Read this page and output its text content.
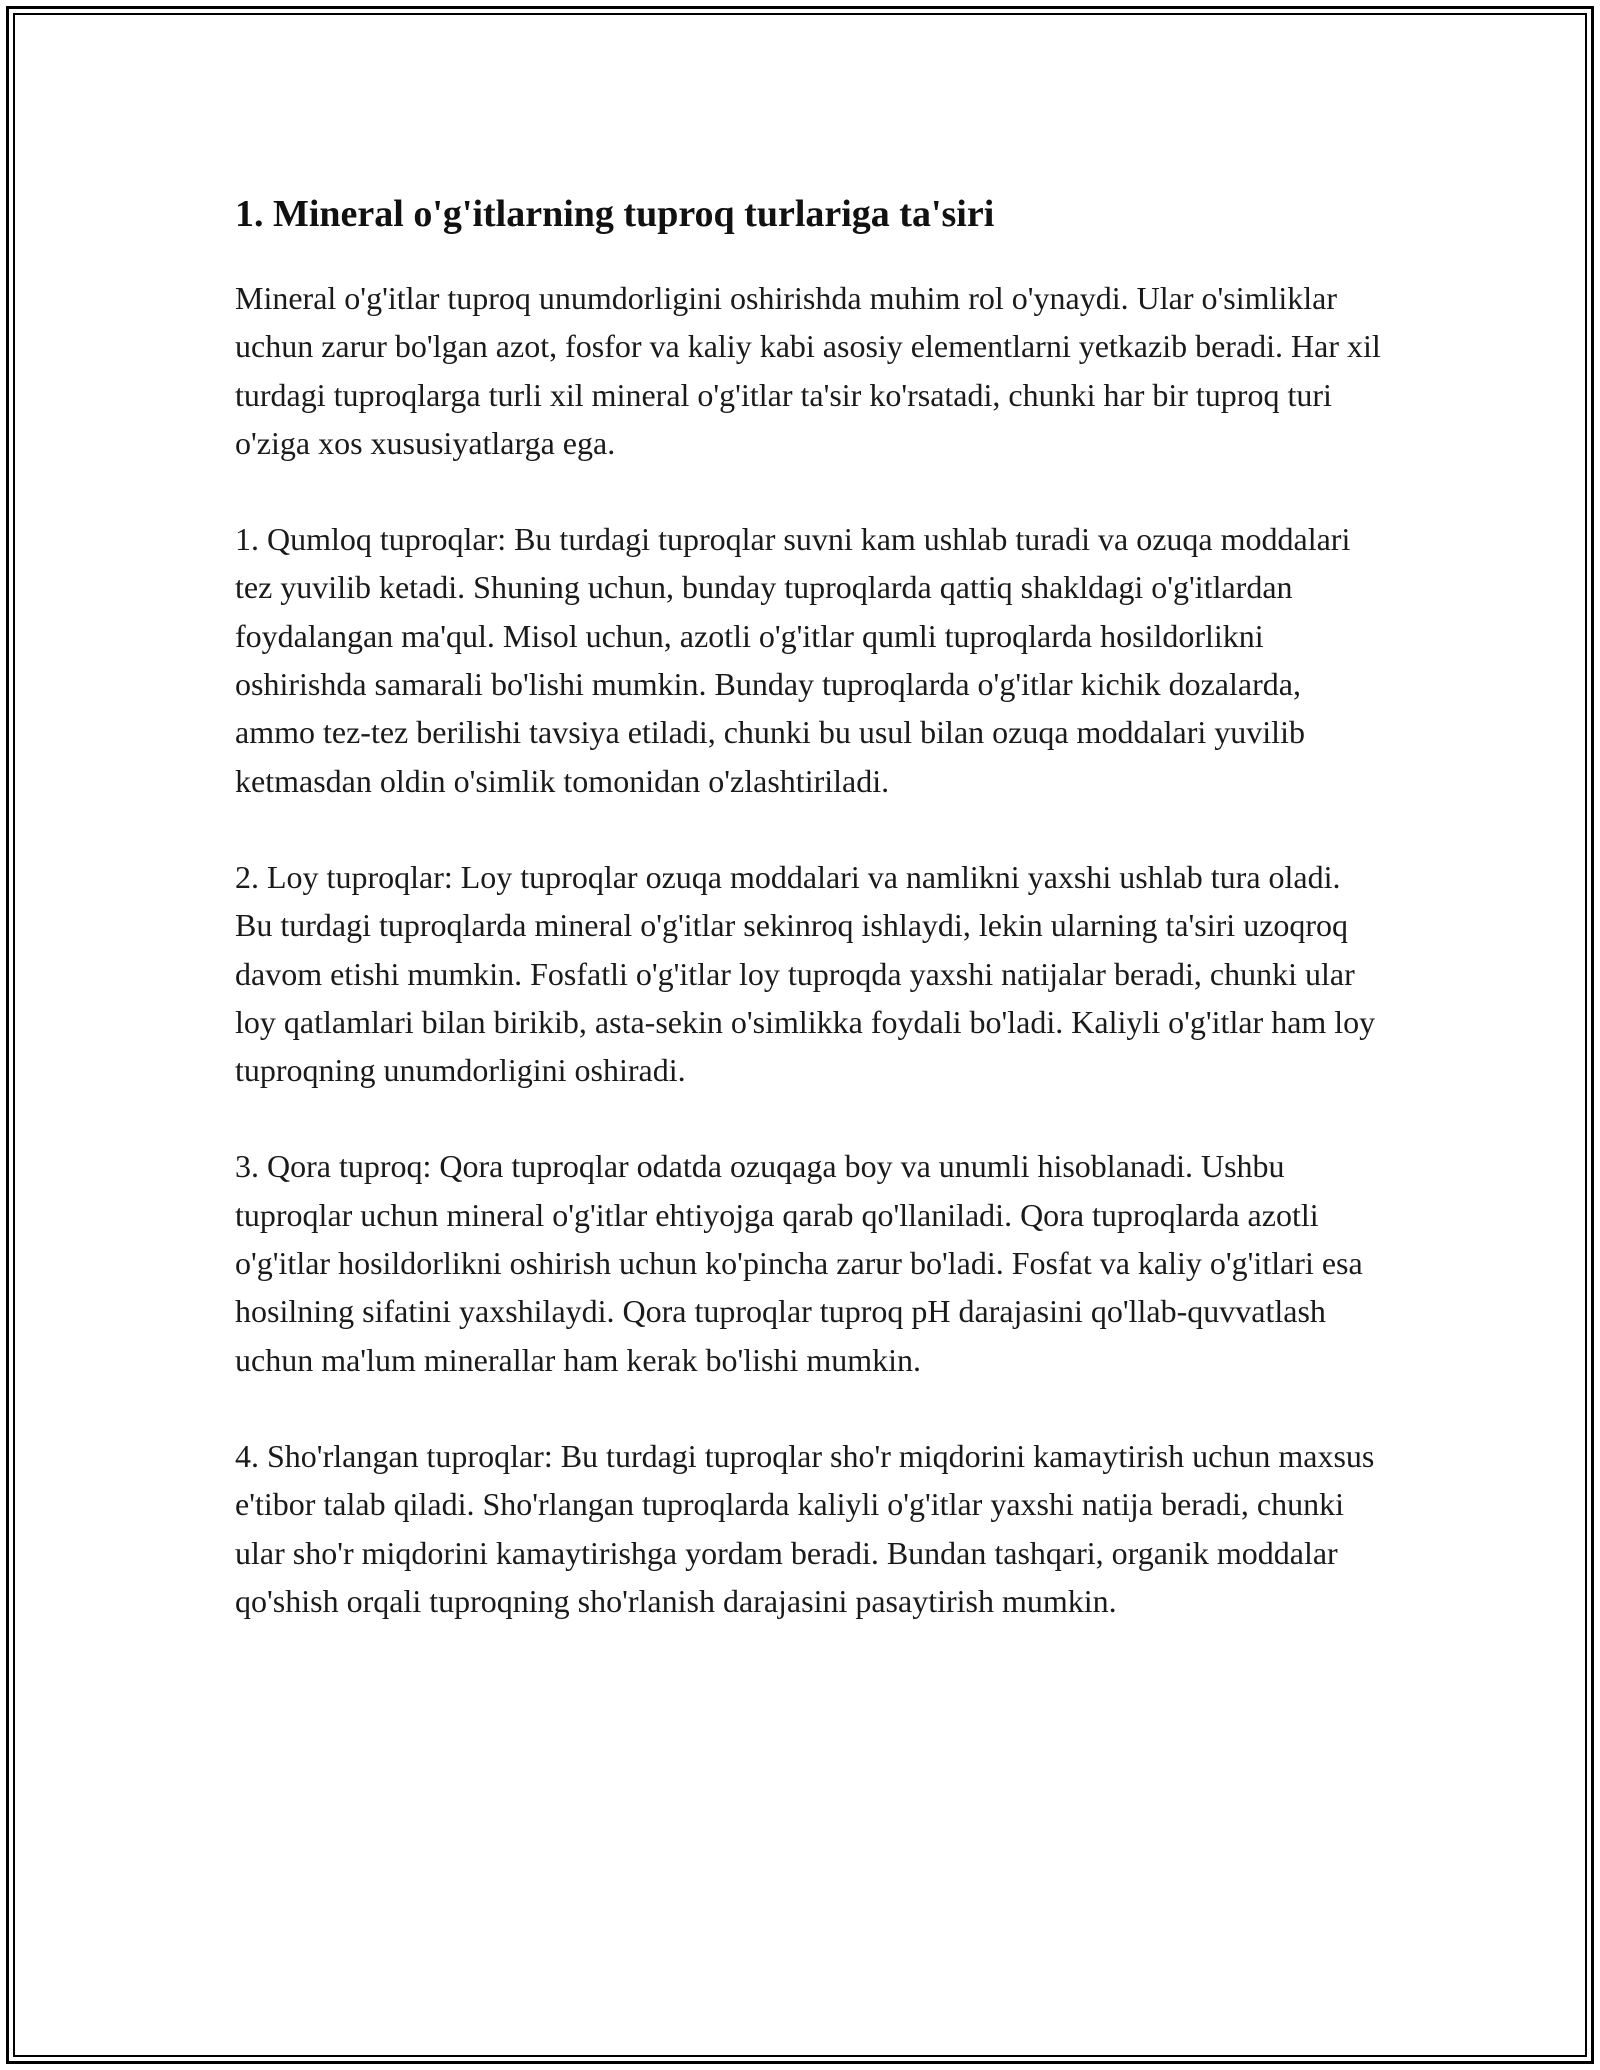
1. Mineral o'g'itlarning tuproq turlariga ta'siri

Mineral o'g'itlar tuproq unumdorligini oshirishda muhim rol o'ynaydi. Ular o'simliklar uchun zarur bo'lgan azot, fosfor va kaliy kabi asosiy elementlarni yetkazib beradi. Har xil turdagi tuproqlarga turli xil mineral o'g'itlar ta'sir ko'rsatadi, chunki har bir tuproq turi o'ziga xos xususiyatlarga ega.

1. Qumloq tuproqlar: Bu turdagi tuproqlar suvni kam ushlab turadi va ozuqa moddalari tez yuvilib ketadi. Shuning uchun, bunday tuproqlarda qattiq shakldagi o'g'itlardan foydalangan ma'qul. Misol uchun, azotli o'g'itlar qumli tuproqlarda hosildorlikni oshirishda samarali bo'lishi mumkin. Bunday tuproqlarda o'g'itlar kichik dozalarda, ammo tez-tez berilishi tavsiya etiladi, chunki bu usul bilan ozuqa moddalari yuvilib ketmasdan oldin o'simlik tomonidan o'zlashtiriladi.

2. Loy tuproqlar: Loy tuproqlar ozuqa moddalari va namlikni yaxshi ushlab tura oladi. Bu turdagi tuproqlarda mineral o'g'itlar sekinroq ishlaydi, lekin ularning ta'siri uzoqroq davom etishi mumkin. Fosfatli o'g'itlar loy tuproqda yaxshi natijalar beradi, chunki ular loy qatlamlari bilan birikib, asta-sekin o'simlikka foydali bo'ladi. Kaliyli o'g'itlar ham loy tuproqning unumdorligini oshiradi.

3. Qora tuproq: Qora tuproqlar odatda ozuqaga boy va unumli hisoblanadi. Ushbu tuproqlar uchun mineral o'g'itlar ehtiyojga qarab qo'llaniladi. Qora tuproqlarda azotli o'g'itlar hosildorlikni oshirish uchun ko'pincha zarur bo'ladi. Fosfat va kaliy o'g'itlari esa hosilning sifatini yaxshilaydi. Qora tuproqlar tuproq pH darajasini qo'llab-quvvatlash uchun ma'lum minerallar ham kerak bo'lishi mumkin.

4. Sho'rlangan tuproqlar: Bu turdagi tuproqlar sho'r miqdorini kamaytirish uchun maxsus e'tibor talab qiladi. Sho'rlangan tuproqlarda kaliyli o'g'itlar yaxshi natija beradi, chunki ular sho'r miqdorini kamaytirishga yordam beradi. Bundan tashqari, organik moddalar qo'shish orqali tuproqning sho'rlanish darajasini pasaytirish mumkin.
